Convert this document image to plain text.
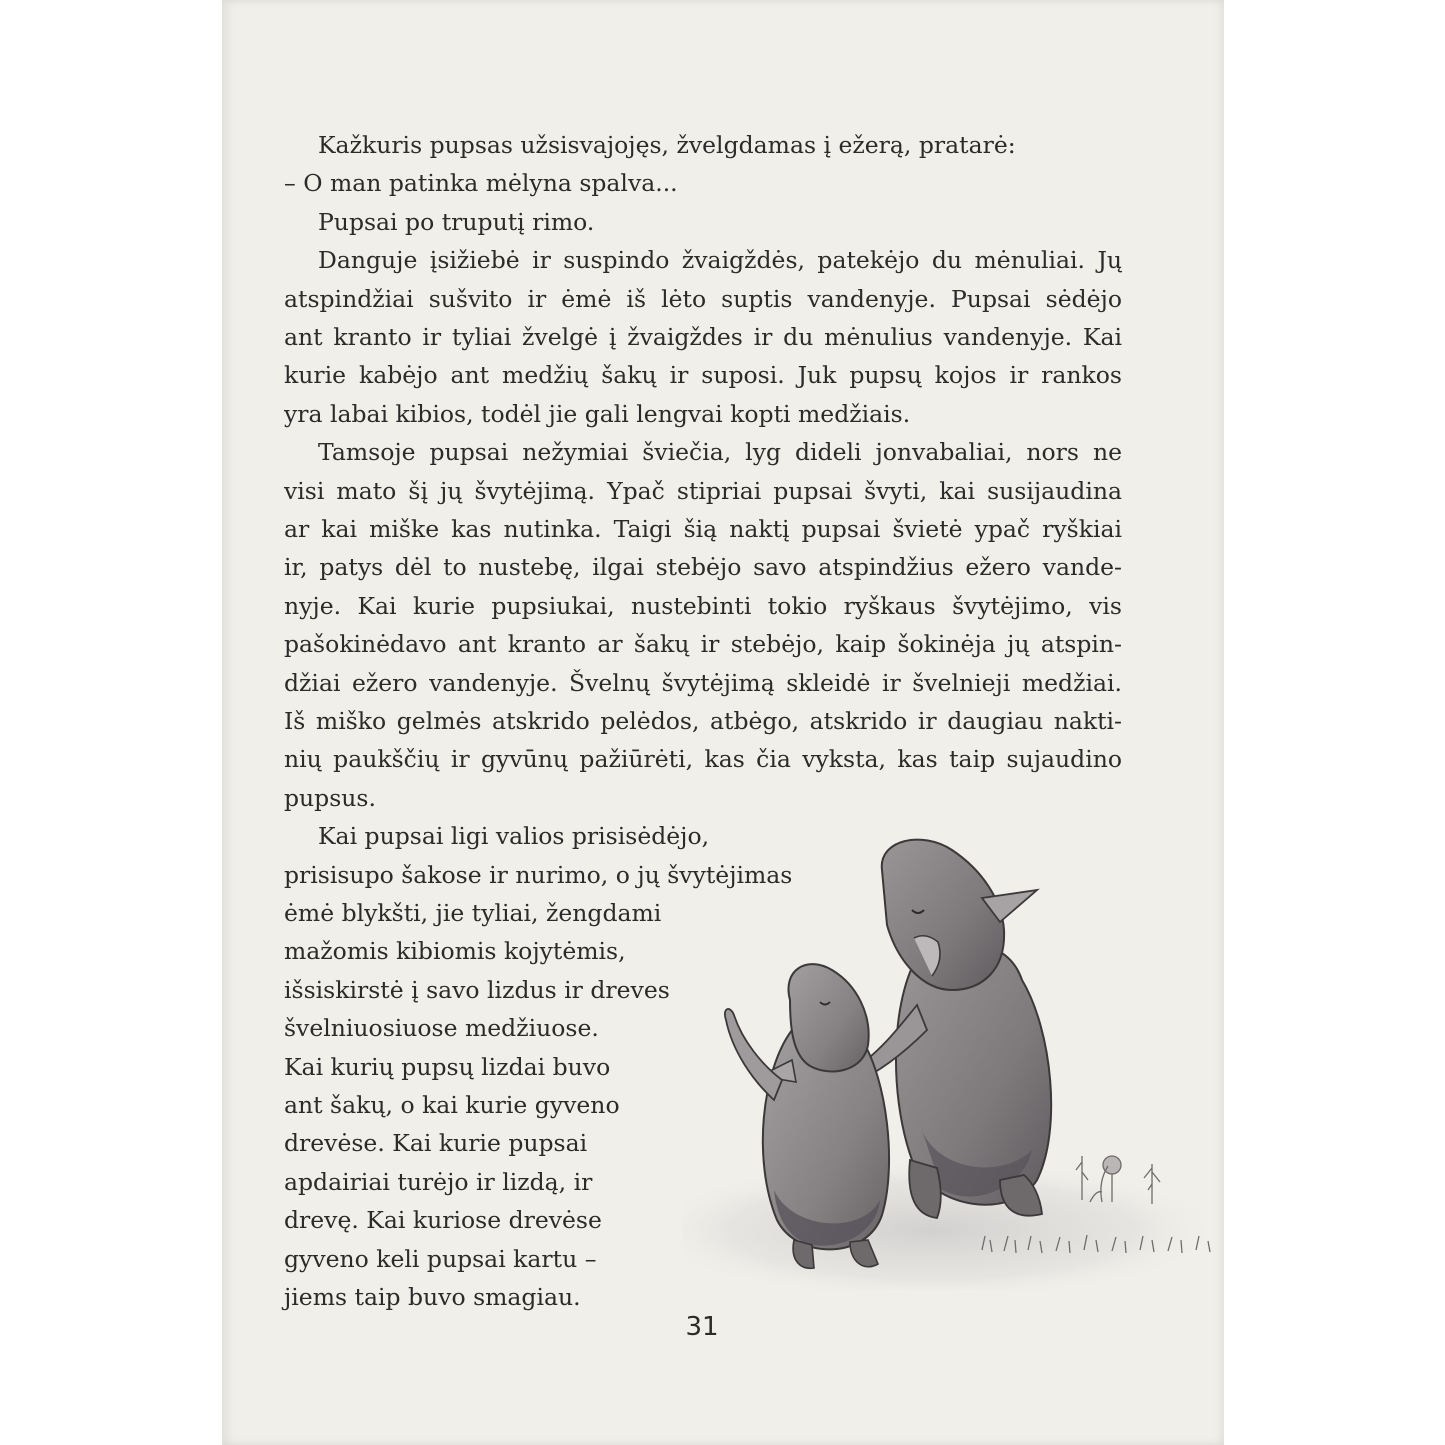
Kažkuris pupsas užsisvajojęs, žvelgdamas į ežerą, pratarė:
– O man patinka mėlyna spalva...
Pupsai po truputį rimo.
Danguje įsižiebė ir suspindo žvaigždės, patekėjo du mėnuliai. Jų
atspindžiai sušvito ir ėmė iš lėto suptis vandenyje. Pupsai sėdėjo
ant kranto ir tyliai žvelgė į žvaigždes ir du mėnulius vandenyje. Kai
kurie kabėjo ant medžių šakų ir suposi. Juk pupsų kojos ir rankos
yra labai kibios, todėl jie gali lengvai kopti medžiais.
Tamsoje pupsai nežymiai šviečia, lyg dideli jonvabaliai, nors ne
visi mato šį jų švytėjimą. Ypač stipriai pupsai švyti, kai susijaudina
ar kai miške kas nutinka. Taigi šią naktį pupsai švietė ypač ryškiai
ir, patys dėl to nustebę, ilgai stebėjo savo atspindžius ežero vande-
nyje. Kai kurie pupsiukai, nustebinti tokio ryškaus švytėjimo, vis
pašokinėdavo ant kranto ar šakų ir stebėjo, kaip šokinėja jų atspin-
džiai ežero vandenyje. Švelnų švytėjimą skleidė ir švelnieji medžiai.
Iš miško gelmės atskrido pelėdos, atbėgo, atskrido ir daugiau nakti-
nių paukščių ir gyvūnų pažiūrėti, kas čia vyksta, kas taip sujaudino
pupsus.
Kai pupsai ligi valios prisisėdėjo,
prisisupo šakose ir nurimo, o jų švytėjimas
ėmė blykšti, jie tyliai, žengdami
mažomis kibiomis kojytėmis,
išsiskirstė į savo lizdus ir dreves
švelniuosiuose medžiuose.
Kai kurių pupsų lizdai buvo
ant šakų, o kai kurie gyveno
drevėse. Kai kurie pupsai
apdairiai turėjo ir lizdą, ir
drevę. Kai kuriose drevėse
gyveno keli pupsai kartu –
jiems taip buvo smagiau.
31
